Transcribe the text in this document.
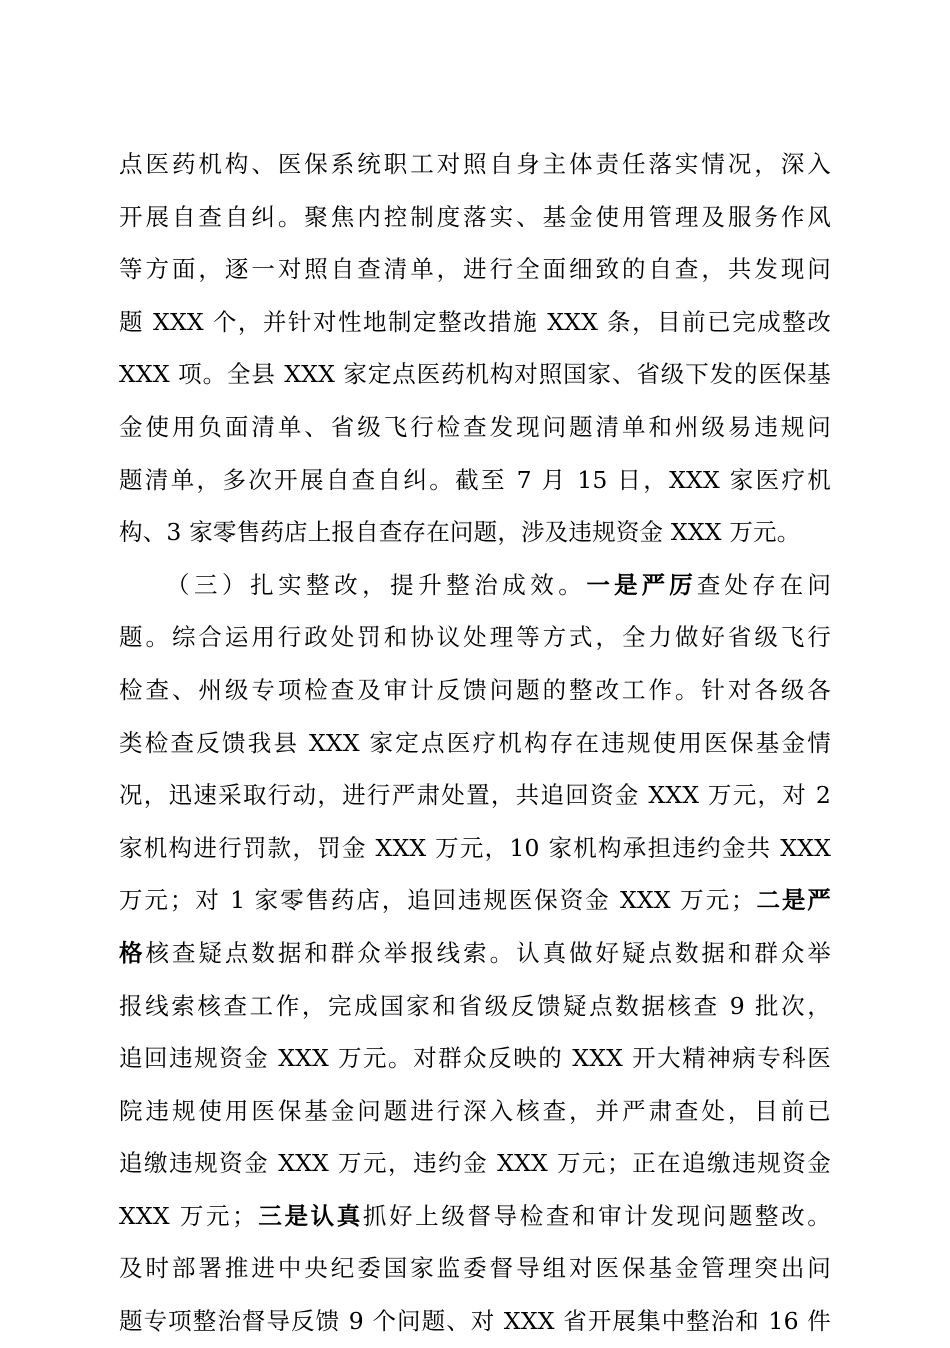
点医药机构、医保系统职工对照自身主体责任落实情况，深入
开展自查自纠。聚焦内控制度落实、基金使用管理及服务作风
等方面，逐一对照自查清单，进行全面细致的自查，共发现问
题 XXX 个，并针对性地制定整改措施 XXX 条，目前已完成整改
XXX 项。全县 XXX 家定点医药机构对照国家、省级下发的医保基
金使用负面清单、省级飞行检查发现问题清单和州级易违规问
题清单，多次开展自查自纠。截至 7 月 15 日，XXX 家医疗机
构、3 家零售药店上报自查存在问题，涉及违规资金 XXX 万元。
（三）扎实整改，提升整治成效。一是严厉查处存在问
题。综合运用行政处罚和协议处理等方式，全力做好省级飞行
检查、州级专项检查及审计反馈问题的整改工作。针对各级各
类检查反馈我县 XXX 家定点医疗机构存在违规使用医保基金情
况，迅速采取行动，进行严肃处置，共追回资金 XXX 万元，对 2
家机构进行罚款，罚金 XXX 万元，10 家机构承担违约金共 XXX
万元；对 1 家零售药店，追回违规医保资金 XXX 万元；二是严
格核查疑点数据和群众举报线索。认真做好疑点数据和群众举
报线索核查工作，完成国家和省级反馈疑点数据核查 9 批次，
追回违规资金 XXX 万元。对群众反映的 XXX 开大精神病专科医
院违规使用医保基金问题进行深入核查，并严肃查处，目前已
追缴违规资金 XXX 万元，违约金 XXX 万元；正在追缴违规资金
XXX 万元；三是认真抓好上级督导检查和审计发现问题整改。
及时部署推进中央纪委国家监委督导组对医保基金管理突出问
题专项整治督导反馈 9 个问题、对 XXX 省开展集中整治和 16 件
